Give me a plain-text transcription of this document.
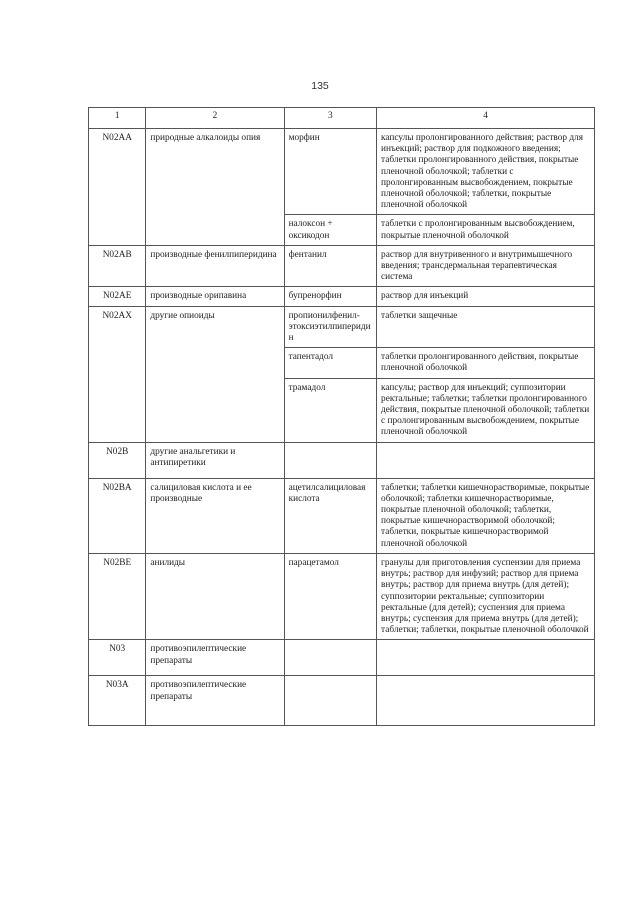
135
1	2	3	4
N02AA	природные алкалоиды опия	морфин	капсулы пролонгированного действия; раствор для инъекций; раствор для подкожного введения; таблетки пролонгированного действия, покрытые пленочной оболочкой; таблетки с пролонгированным высвобождением, покрытые пленочной оболочкой; таблетки, покрытые пленочной оболочкой
		налоксон + оксикодон	таблетки с пролонгированным высвобождением, покрытые пленочной оболочкой
N02AB	производные фенилпиперидина	фентанил	раствор для внутривенного и внутримышечного введения; трансдермальная терапевтическая система
N02AE	производные орипавина	бупренорфин	раствор для инъекций
N02AX	другие опиоиды	пропионилфенил-этоксиэтилпиперидин	таблетки защечные
		тапентадол	таблетки пролонгированного действия, покрытые пленочной оболочкой
		трамадол	капсулы; раствор для инъекций; суппозитории ректальные; таблетки; таблетки пролонгированного действия, покрытые пленочной оболочкой; таблетки с пролонгированным высвобождением, покрытые пленочной оболочкой
N02B	другие анальгетики и антипиретики		
N02BA	салициловая кислота и ее производные	ацетилсалициловая кислота	таблетки; таблетки кишечнорастворимые, покрытые оболочкой; таблетки кишечнорастворимые, покрытые пленочной оболочкой; таблетки, покрытые кишечнорастворимой оболочкой; таблетки, покрытые кишечнорастворимой пленочной оболочкой
N02BE	анилиды	парацетамол	гранулы для приготовления суспензии для приема внутрь; раствор для инфузий; раствор для приема внутрь; раствор для приема внутрь (для детей); суппозитории ректальные; суппозитории ректальные (для детей); суспензия для приема внутрь; суспензия для приема внутрь (для детей); таблетки; таблетки, покрытые пленочной оболочкой
N03	противоэпилептические препараты		
N03A	противоэпилептические препараты		
